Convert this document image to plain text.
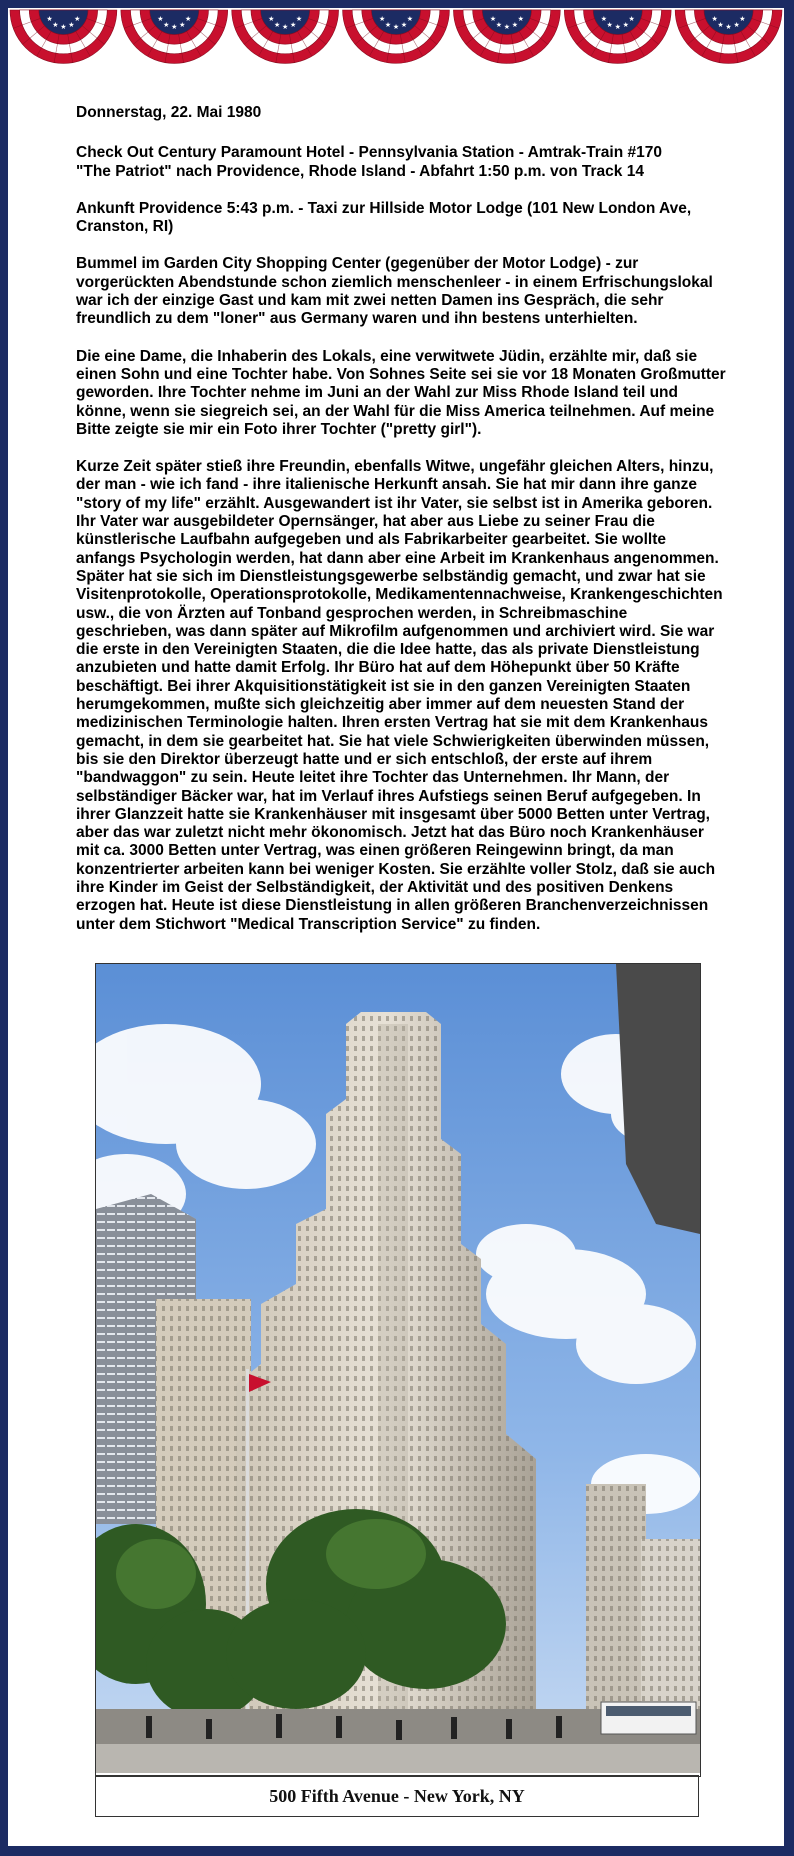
★
★
★
★
★	★
★
★
★
★	★
★
★
★
★	★
★
★
★
★	★
★
★
★
★	★
★
★
★
★	★
★
★
★
★

Donnerstag, 22. Mai 1980

Check Out Century Paramount Hotel - Pennsylvania Station - Amtrak-Train #170
"The Patriot" nach Providence, Rhode Island - Abfahrt 1:50 p.m. von Track 14

Ankunft Providence 5:43 p.m. - Taxi zur Hillside Motor Lodge (101 New London Ave, Cranston, RI)

Bummel im Garden City Shopping Center (gegenüber der Motor Lodge) - zur vorgerückten Abendstunde schon ziemlich menschenleer - in einem Erfrischungslokal war ich der einzige Gast und kam mit zwei netten Damen ins Gespräch, die sehr freundlich zu dem "loner" aus Germany waren und ihn bestens unterhielten.

Die eine Dame, die Inhaberin des Lokals, eine verwitwete Jüdin, erzählte mir, daß sie einen Sohn und eine Tochter habe. Von Sohnes Seite sei sie vor 18 Monaten Großmutter geworden. Ihre Tochter nehme im Juni an der Wahl zur Miss Rhode Island teil und könne, wenn sie siegreich sei, an der Wahl für die Miss America teilnehmen. Auf meine Bitte zeigte sie mir ein Foto ihrer Tochter ("pretty girl").

Kurze Zeit später stieß ihre Freundin, ebenfalls Witwe, ungefähr gleichen Alters, hinzu, der man - wie ich fand - ihre italienische Herkunft ansah. Sie hat mir dann ihre ganze "story of my life" erzählt. Ausgewandert ist ihr Vater, sie selbst ist in Amerika geboren. Ihr Vater war ausgebildeter Opernsänger, hat aber aus Liebe zu seiner Frau die künstlerische Laufbahn aufgegeben und als Fabrikarbeiter gearbeitet. Sie wollte anfangs Psychologin werden, hat dann aber eine Arbeit im Krankenhaus angenommen. Später hat sie sich im Dienstleistungsgewerbe selbständig gemacht, und zwar hat sie Visitenprotokolle, Operationsprotokolle, Medikamentennachweise, Krankengeschichten usw., die von Ärzten auf Tonband gesprochen werden, in Schreibmaschine geschrieben, was dann später auf Mikrofilm aufgenommen und archiviert wird. Sie war die erste in den Vereinigten Staaten, die die Idee hatte, das als private Dienstleistung anzubieten und hatte damit Erfolg. Ihr Büro hat auf dem Höhepunkt über 50 Kräfte beschäftigt. Bei ihrer Akquisitionstätigkeit ist sie in den ganzen Vereinigten Staaten herumgekommen, mußte sich gleichzeitig aber immer auf dem neuesten Stand der medizinischen Terminologie halten. Ihren ersten Vertrag hat sie mit dem Krankenhaus gemacht, in dem sie gearbeitet hat. Sie hat viele Schwierigkeiten überwinden müssen, bis sie den Direktor überzeugt hatte und er sich entschloß, der erste auf ihrem "bandwaggon" zu sein. Heute leitet ihre Tochter das Unternehmen. Ihr Mann, der selbständiger Bäcker war, hat im Verlauf ihres Aufstiegs seinen Beruf aufgegeben. In ihrer Glanzzeit hatte sie Krankenhäuser mit insgesamt über 5000 Betten unter Vertrag, aber das war zuletzt nicht mehr ökonomisch. Jetzt hat das Büro noch Krankenhäuser mit ca. 3000 Betten unter Vertrag, was einen größeren Reingewinn bringt, da man konzentrierter arbeiten kann bei weniger Kosten. Sie erzählte voller Stolz, daß sie auch ihre Kinder im Geist der Selbständigkeit, der Aktivität und des positiven Denkens erzogen hat. Heute ist diese Dienstleistung in allen größeren Branchenverzeichnissen unter dem Stichwort "Medical Transcription Service" zu finden.

500 Fifth Avenue - New York, NY
